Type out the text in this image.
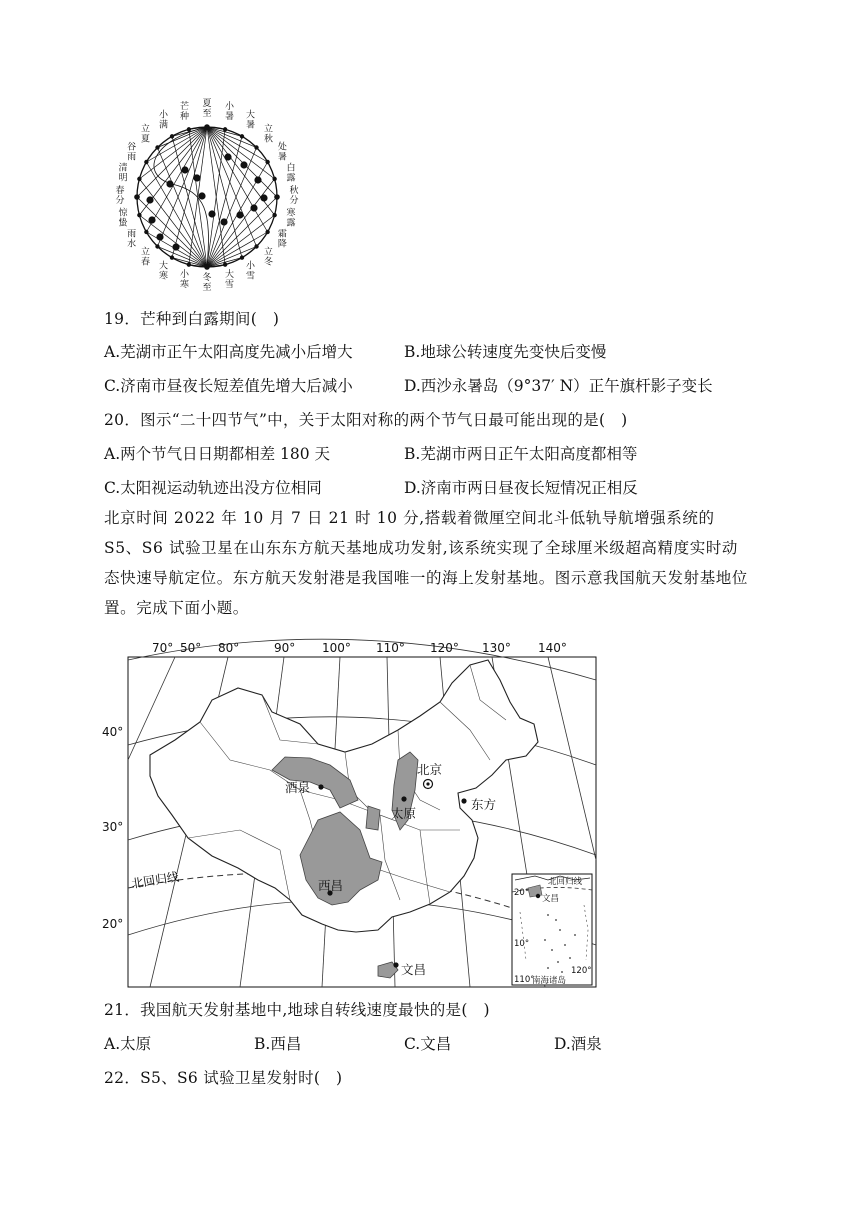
夏至
小暑 大暑 立秋
处暑
白露
秋分
寒露
霜降
立冬
小雪
大雪
冬至
小寒
大寒
立春
雨水
惊蛰
春分
清明
谷雨
立夏
小满
芒种
19．芒种到白露期间(　)
A.芜湖市正午太阳高度先减小后增大	B.地球公转速度先变快后变慢
C.济南市昼夜长短差值先增大后减小	D.西沙永暑岛（9°37′ N）正午旗杆影子变长
20．图示“二十四节气”中，关于太阳对称的两个节气日最可能出现的是(　)
A.两个节气日日期都相差 180 天	B.芜湖市两日正午太阳高度都相等
C.太阳视运动轨迹出没方位相同	D.济南市两日昼夜长短情况正相反
北京时间 2022 年 10 月 7 日 21 时 10 分,搭载着微厘空间北斗低轨导航增强系统的 S5、S6 试验卫星在山东东方航天基地成功发射,该系统实现了全球厘米级超高精度实时动态快速导航定位。东方航天发射港是我国唯一的海上发射基地。图示意我国航天发射基地位置。完成下面小题。
北回归线
北京
酒泉
太原
东方
西昌
文昌
70° 50° 80°	90° 100° 110° 120° 130° 140°
40°
30°
20°
北回归线
文昌
20°
10°
110°
120°
南海诸岛
21．我国航天发射基地中,地球自转线速度最快的是(　)
A.太原	B.西昌	C.文昌	D.酒泉
22．S5、S6 试验卫星发射时(　)
